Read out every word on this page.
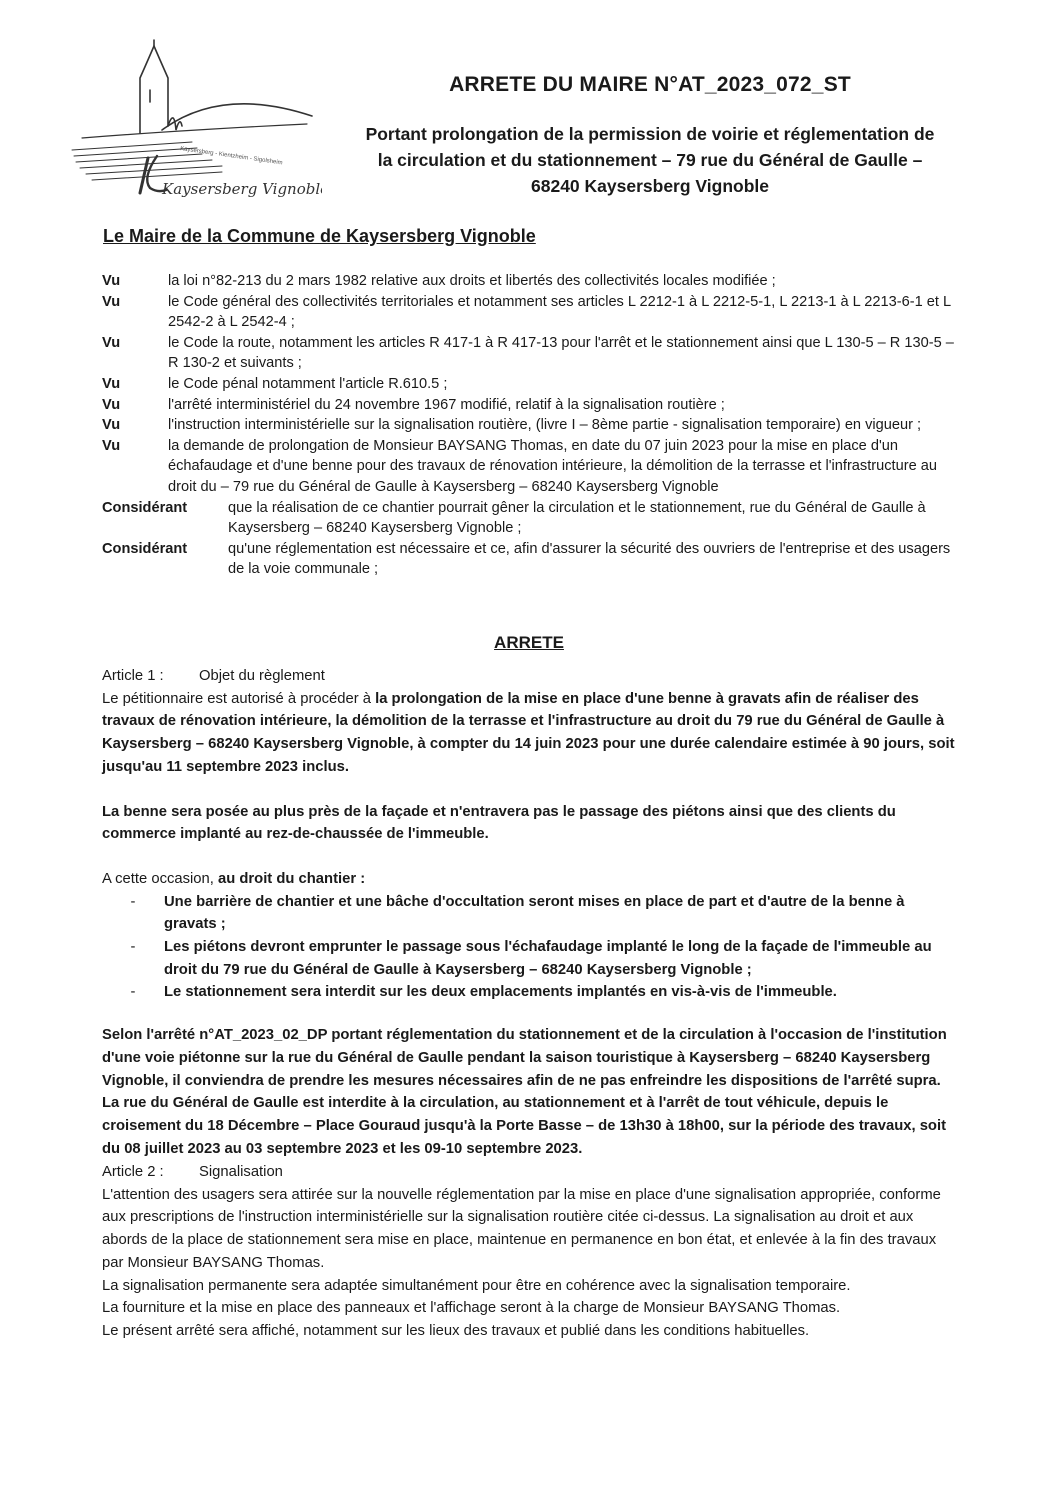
Kaysersberg - Kientzheim - Sigolsheim
Kaysersberg Vignoble
ARRETE DU MAIRE N°AT_2023_072_ST
Portant prolongation de la permission de voirie et réglementation de
la circulation et du stationnement – 79 rue du Général de Gaulle –
68240 Kaysersberg Vignoble
Le Maire de la Commune de Kaysersberg Vignoble
Vu	la loi n°82-213 du 2 mars 1982 relative aux droits et libertés des collectivités locales modifiée ;
Vu	le Code général des collectivités territoriales et notamment ses articles L 2212-1 à L 2212-5-1, L 2213-1 à L 2213-6-1 et L 2542-2 à L 2542-4 ;
Vu	le Code la route, notamment les articles R 417-1 à R 417-13 pour l'arrêt et le stationnement ainsi que L 130-5 – R 130-5 – R 130-2 et suivants ;
Vu	le Code pénal notamment l'article R.610.5 ;
Vu	l'arrêté interministériel du 24 novembre 1967 modifié, relatif à la signalisation routière ;
Vu	l'instruction interministérielle sur la signalisation routière, (livre I – 8ème partie - signalisation temporaire) en vigueur ;
Vu	la demande de prolongation de Monsieur BAYSANG Thomas, en date du 07 juin 2023 pour la mise en place d'un échafaudage et d'une benne pour des travaux de rénovation intérieure, la démolition de la terrasse et l'infrastructure au droit du – 79 rue du Général de Gaulle à Kaysersberg – 68240 Kaysersberg Vignoble
Considérant	que la réalisation de ce chantier pourrait gêner la circulation et le stationnement, rue du Général de Gaulle à Kaysersberg – 68240 Kaysersberg Vignoble ;
Considérant	qu'une réglementation est nécessaire et ce, afin d'assurer la sécurité des ouvriers de l'entreprise et des usagers de la voie communale ;
ARRETE
Article 1 :	Objet du règlement
Le pétitionnaire est autorisé à procéder à la prolongation de la mise en place d'une benne à gravats afin de réaliser des travaux de rénovation intérieure, la démolition de la terrasse et l'infrastructure au droit du 79 rue du Général de Gaulle à Kaysersberg – 68240 Kaysersberg Vignoble, à compter du 14 juin 2023 pour une durée calendaire estimée à 90 jours, soit jusqu'au 11 septembre 2023 inclus.
La benne sera posée au plus près de la façade et n'entravera pas le passage des piétons ainsi que des clients du commerce implanté au rez-de-chaussée de l'immeuble.
A cette occasion, au droit du chantier :
-	Une barrière de chantier et une bâche d'occultation seront mises en place de part et d'autre de la benne à gravats ;
-	Les piétons devront emprunter le passage sous l'échafaudage implanté le long de la façade de l'immeuble au droit du 79 rue du Général de Gaulle à Kaysersberg – 68240 Kaysersberg Vignoble ;
-	Le stationnement sera interdit sur les deux emplacements implantés en vis-à-vis de l'immeuble.
Selon l'arrêté n°AT_2023_02_DP portant réglementation du stationnement et de la circulation à l'occasion de l'institution d'une voie piétonne sur la rue du Général de Gaulle pendant la saison touristique à Kaysersberg – 68240 Kaysersberg Vignoble, il conviendra de prendre les mesures nécessaires afin de ne pas enfreindre les dispositions de l'arrêté supra. La rue du Général de Gaulle est interdite à la circulation, au stationnement et à l'arrêt de tout véhicule, depuis le croisement du 18 Décembre – Place Gouraud jusqu'à la Porte Basse – de 13h30 à 18h00, sur la période des travaux, soit du 08 juillet 2023 au 03 septembre 2023 et les 09-10 septembre 2023.
Article 2 :	Signalisation
L'attention des usagers sera attirée sur la nouvelle réglementation par la mise en place d'une signalisation appropriée, conforme aux prescriptions de l'instruction interministérielle sur la signalisation routière citée ci-dessus. La signalisation au droit et aux abords de la place de stationnement sera mise en place, maintenue en permanence en bon état, et enlevée à la fin des travaux par Monsieur BAYSANG Thomas.
La signalisation permanente sera adaptée simultanément pour être en cohérence avec la signalisation temporaire.
La fourniture et la mise en place des panneaux et l'affichage seront à la charge de Monsieur BAYSANG Thomas.
Le présent arrêté sera affiché, notamment sur les lieux des travaux et publié dans les conditions habituelles.
